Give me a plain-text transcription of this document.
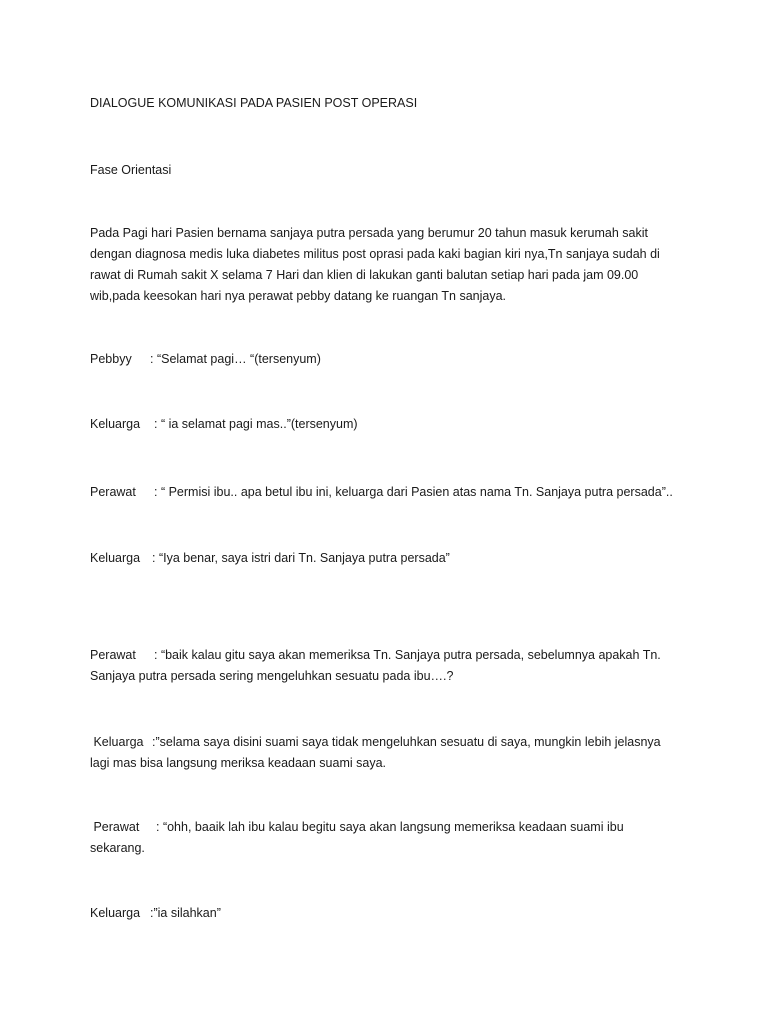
DIALOGUE KOMUNIKASI PADA PASIEN POST OPERASI

Fase Orientasi

Pada Pagi hari Pasien bernama sanjaya putra persada yang berumur 20 tahun masuk kerumah sakit
dengan diagnosa medis luka diabetes militus post oprasi pada kaki bagian kiri nya,Tn sanjaya sudah di
rawat di Rumah sakit X selama 7 Hari dan klien di lakukan ganti balutan setiap hari pada jam 09.00
wib,pada keesokan hari nya perawat pebby datang ke ruangan Tn sanjaya.
Pebbyy : “Selamat pagi… “(tersenyum)
Keluarga : “ ia selamat pagi mas..”(tersenyum)
Perawat : “ Permisi ibu.. apa betul ibu ini, keluarga dari Pasien atas nama Tn. Sanjaya putra persada”..
Keluarga : “Iya benar, saya istri dari Tn. Sanjaya putra persada”
Perawat : “baik kalau gitu saya akan memeriksa Tn. Sanjaya putra persada, sebelumnya apakah Tn.
Sanjaya putra persada sering mengeluhkan sesuatu pada ibu….?
Keluarga :”selama saya disini suami saya tidak mengeluhkan sesuatu di saya, mungkin lebih jelasnya
lagi mas bisa langsung meriksa keadaan suami saya.
Perawat : “ohh, baaik lah ibu kalau begitu saya akan langsung memeriksa keadaan suami ibu
sekarang.
Keluarga :”ia silahkan”
